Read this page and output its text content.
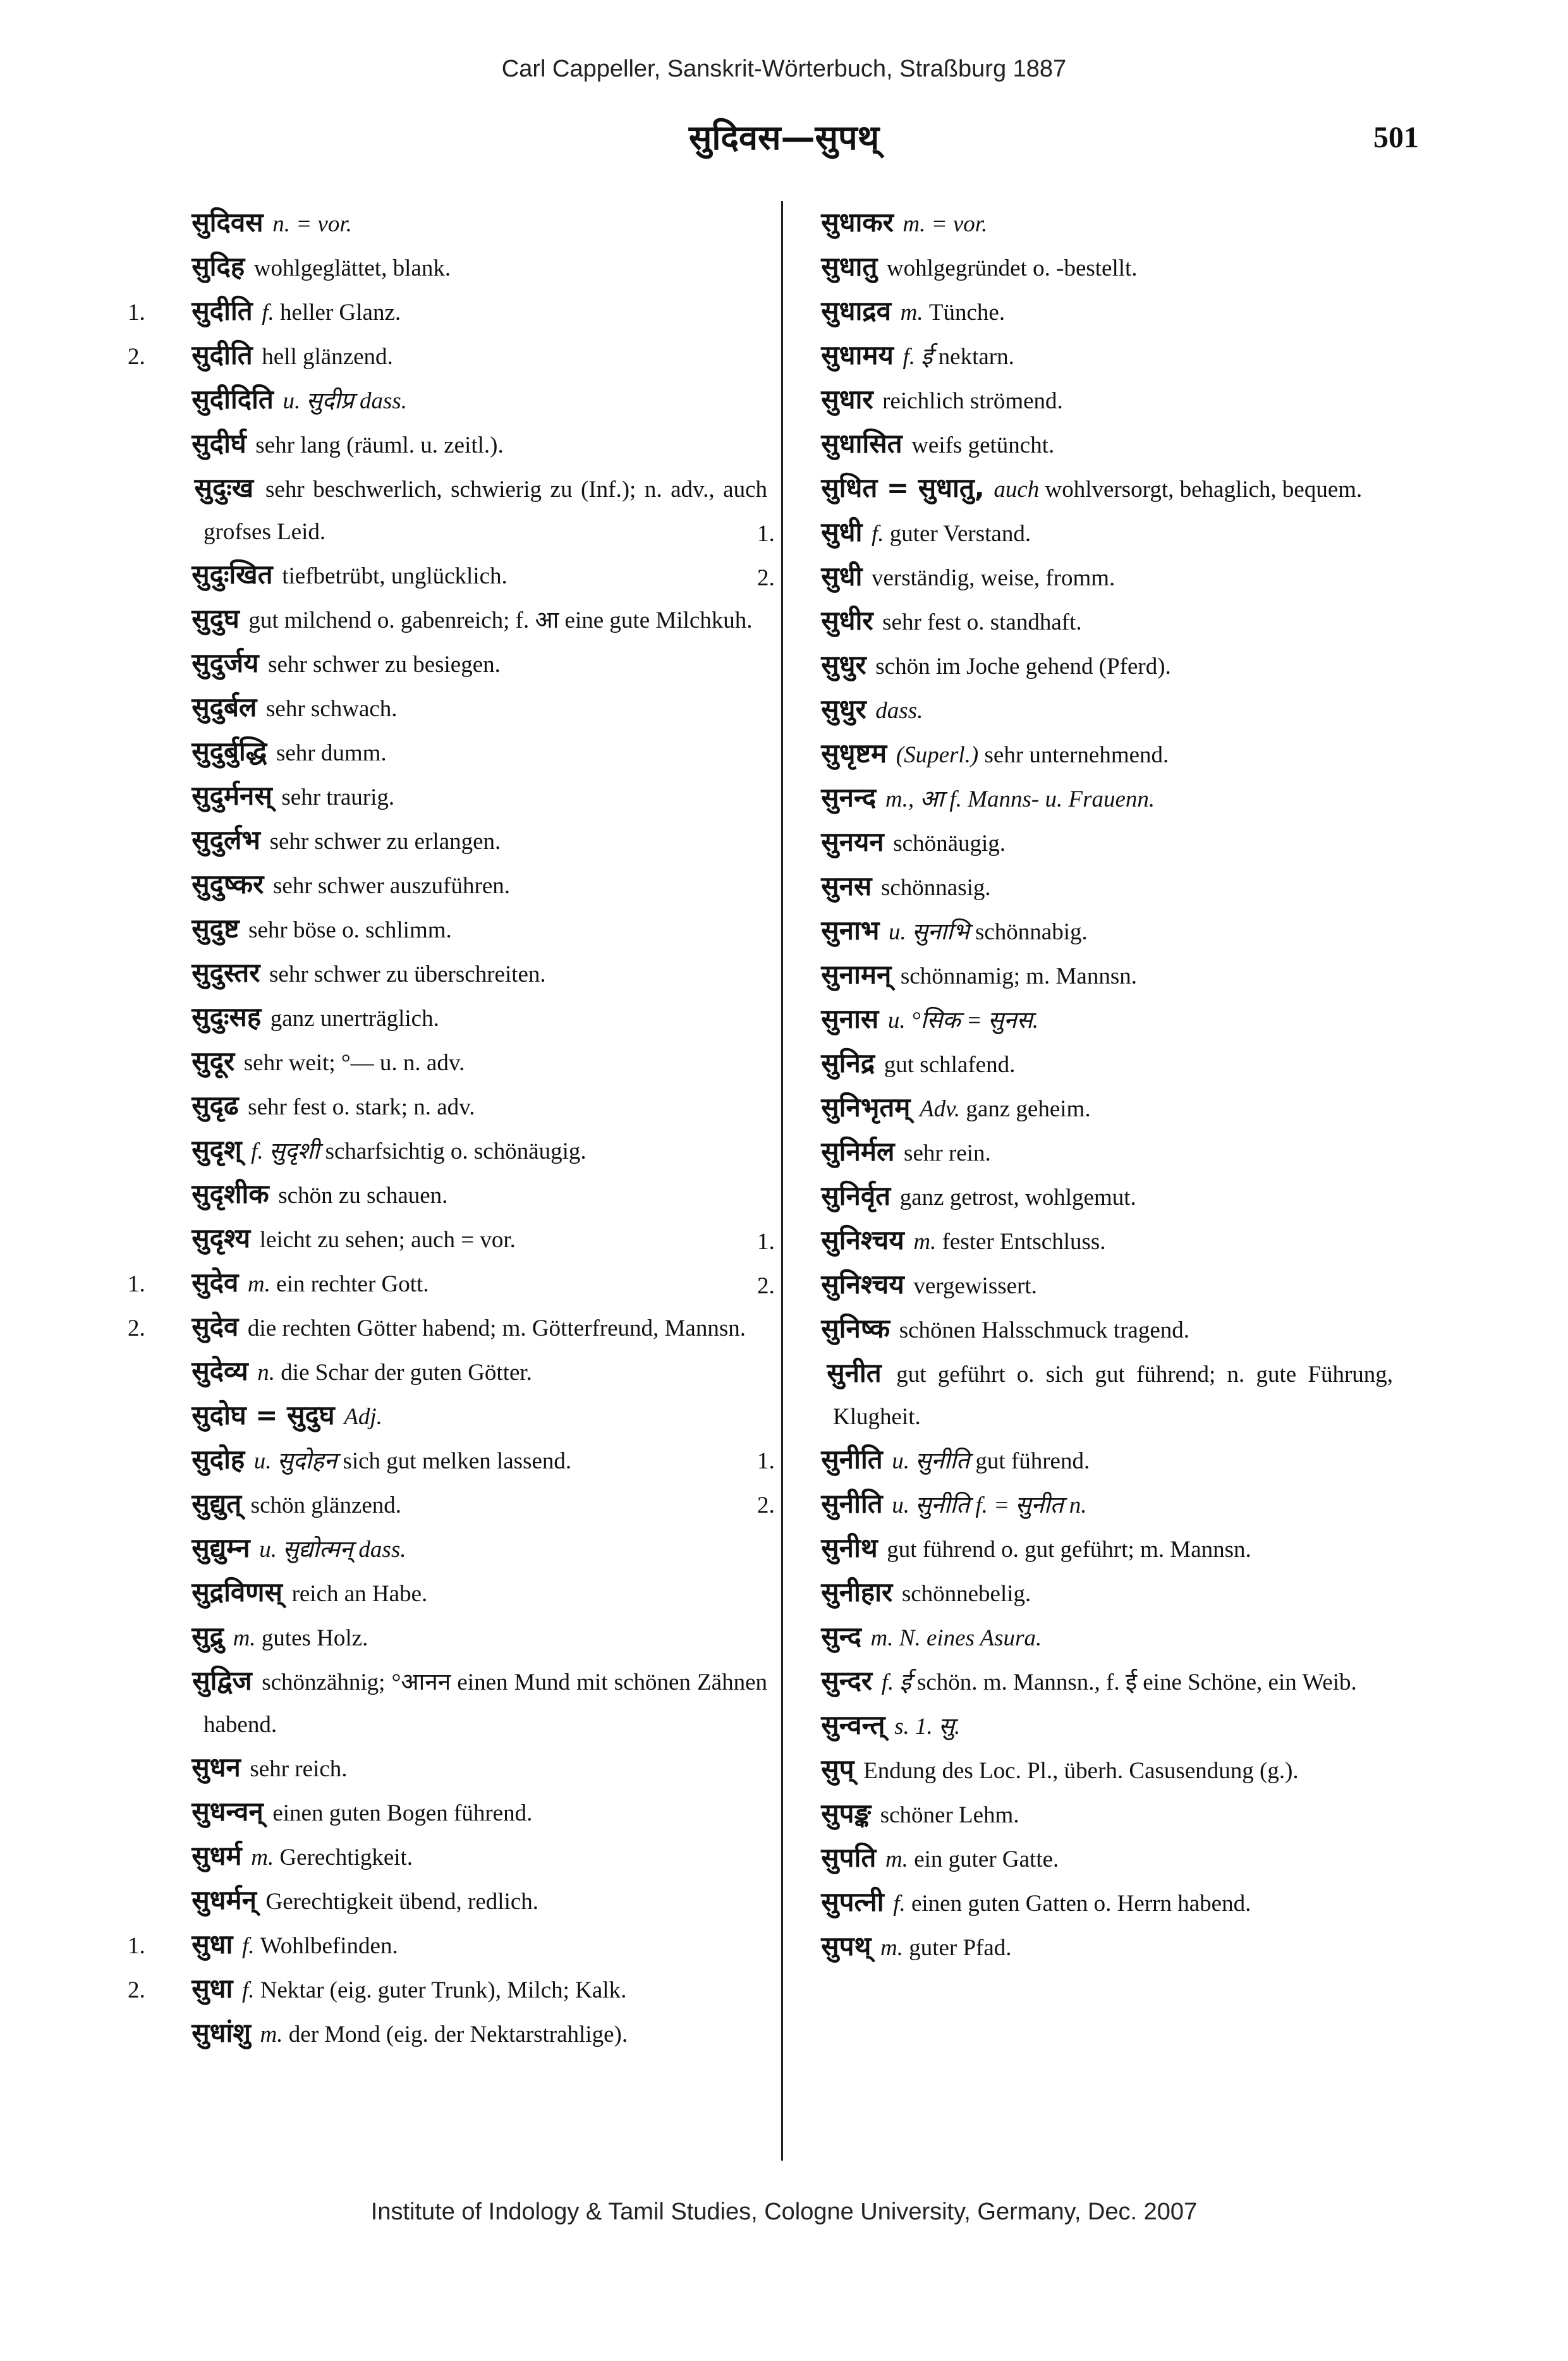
Carl Cappeller, Sanskrit-Wörterbuch, Straßburg 1887
सुदिवस—सुपथ्	501
सुदिवस n. = vor.
सुदिह wohlgeglättet, blank.
1. सुदीति f. heller Glanz.
2. सुदीति hell glänzend.
सुदीदिति u. सुदीप्र dass.
सुदीर्घ sehr lang (räuml. u. zeitl.).
सुदुःख sehr beschwerlich, schwierig zu (Inf.); n. adv., auch grofses Leid.
सुदुःखित tiefbetrübt, unglücklich.
सुदुघ gut milchend o. gabenreich; f. आ eine gute Milchkuh.
सुदुर्जय sehr schwer zu besiegen.
सुदुर्बल sehr schwach.
सुदुर्बुद्धि sehr dumm.
सुदुर्मनस् sehr traurig.
सुदुर्लभ sehr schwer zu erlangen.
सुदुष्कर sehr schwer auszuführen.
सुदुष्ट sehr böse o. schlimm.
सुदुस्तर sehr schwer zu überschreiten.
सुदुःसह ganz unerträglich.
सुदूर sehr weit; °— u. n. adv.
सुदृढ sehr fest o. stark; n. adv.
सुदृश् f. सुदृशी scharfsichtig o. schönäugig.
सुदृशीक schön zu schauen.
सुदृश्य leicht zu sehen; auch = vor.
1. सुदेव m. ein rechter Gott.
2. सुदेव die rechten Götter habend; m. Götterfreund, Mannsn.
सुदेव्य n. die Schar der guten Götter.
सुदोघ = सुदुघ Adj.
सुदोह u. सुदोहन sich gut melken lassend.
सुद्युत् schön glänzend.
सुद्युम्न u. सुद्योत्मन् dass.
सुद्रविणस् reich an Habe.
सुद्रु m. gutes Holz.
सुद्विज schönzähnig; °आनन einen Mund mit schönen Zähnen habend.
सुधन sehr reich.
सुधन्वन् einen guten Bogen führend.
सुधर्म m. Gerechtigkeit.
सुधर्मन् Gerechtigkeit übend, redlich.
1. सुधा f. Wohlbefinden.
2. सुधा f. Nektar (eig. guter Trunk), Milch; Kalk.
सुधांशु m. der Mond (eig. der Nektarstrahlige).
सुधाकर m. = vor.
सुधातु wohlgegründet o. -bestellt.
सुधाद्रव m. Tünche.
सुधामय f. ई nektarn.
सुधार reichlich strömend.
सुधासित weifs getüncht.
सुधित = सुधातु, auch wohlversorgt, behaglich, bequem.
1. सुधी f. guter Verstand.
2. सुधी verständig, weise, fromm.
सुधीर sehr fest o. standhaft.
सुधुर schön im Joche gehend (Pferd).
सुधुर dass.
सुधृष्टम (Superl.) sehr unternehmend.
सुनन्द m., आ f. Manns- u. Frauenn.
सुनयन schönäugig.
सुनस schönnasig.
सुनाभ u. सुनाभि schönnabig.
सुनामन् schönnamig; m. Mannsn.
सुनास u. °सिक = सुनस.
सुनिद्र gut schlafend.
सुनिभृतम् Adv. ganz geheim.
सुनिर्मल sehr rein.
सुनिर्वृत ganz getrost, wohlgemut.
1. सुनिश्चय m. fester Entschluss.
2. सुनिश्चय vergewissert.
सुनिष्क schönen Halsschmuck tragend.
सुनीत gut geführt o. sich gut führend; n. gute Führung, Klugheit.
1. सुनीति u. सुनीति gut führend.
2. सुनीति u. सुनीति f. = सुनीत n.
सुनीथ gut führend o. gut geführt; m. Mannsn.
सुनीहार schönnebelig.
सुन्द m. N. eines Asura.
सुन्दर f. ई schön. m. Mannsn., f. ई eine Schöne, ein Weib.
सुन्वन्त् s. 1. सु.
सुप् Endung des Loc. Pl., überh. Casusendung (g.).
सुपङ्क schöner Lehm.
सुपति m. ein guter Gatte.
सुपत्नी f. einen guten Gatten o. Herrn habend.
सुपथ् m. guter Pfad.
Institute of Indology & Tamil Studies, Cologne University, Germany, Dec. 2007
